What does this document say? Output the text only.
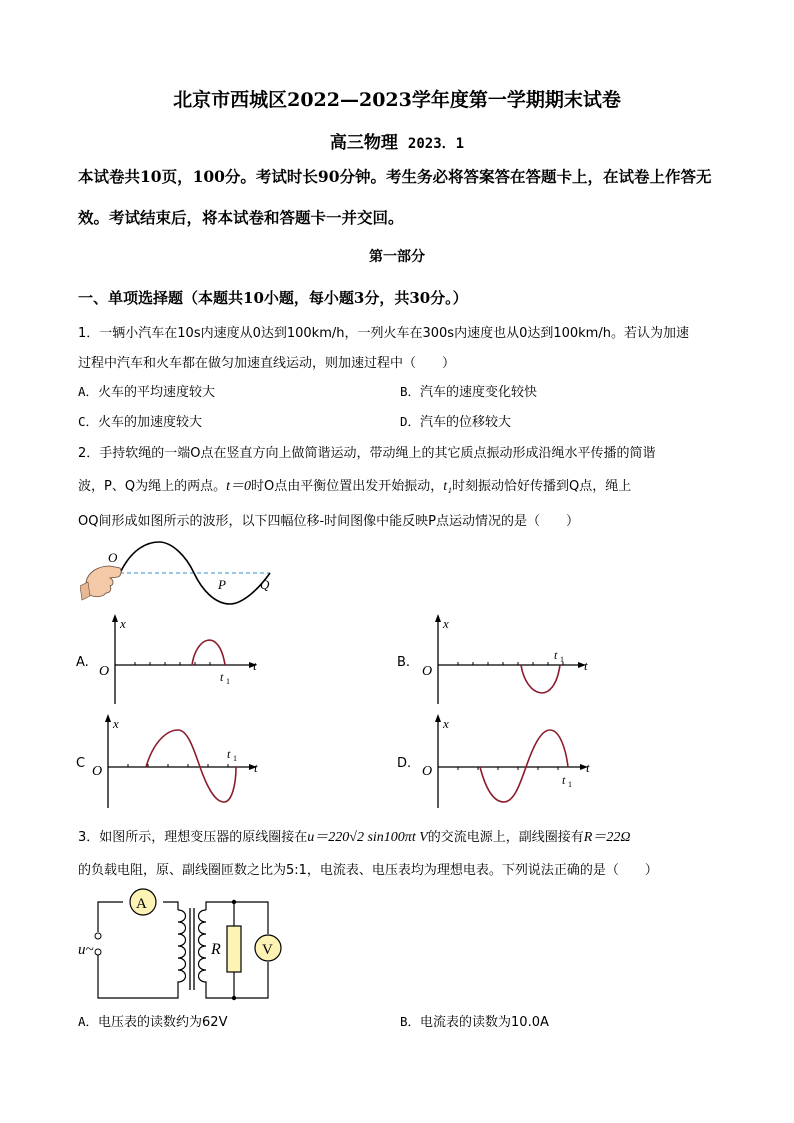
北京市西城区2022—2023学年度第一学期期末试卷
高三物理 2023．1
本试卷共10页，100分。考试时长90分钟。考生务必将答案答在答题卡上，在试卷上作答无
效。考试结束后，将本试卷和答题卡一并交回。
第一部分
一、单项选择题（本题共10小题，每小题3分，共30分。）
1．一辆小汽车在10s内速度从0达到100km/h，一列火车在300s内速度也从0达到100km/h。若认为加速
过程中汽车和火车都在做匀加速直线运动，则加速过程中（　　）
A．火车的平均速度较大	B．汽车的速度变化较快
C．火车的加速度较大	D．汽车的位移较大
2．手持软绳的一端O点在竖直方向上做简谐运动，带动绳上的其它质点振动形成沿绳水平传播的简谐
波，P、Q为绳上的两点。t＝0时O点由平衡位置出发开始振动，t₁时刻振动恰好传播到Q点，绳上
OQ间形成如图所示的波形，以下四幅位移-时间图像中能反映P点运动情况的是（　　）
O
P	Q
A.
x
O	t
t 1
B.
x
O	t
t 1
C
x
O	t
t 1	D.
x
O	t
t 1
3．如图所示，理想变压器的原线圈接在u＝220√2 sin100πt V的交流电源上，副线圈接有R＝22Ω
的负载电阻，原、副线圈匝数之比为5:1，电流表、电压表均为理想电表。下列说法正确的是（　　）
A
V
R
u~
A．电压表的读数约为62V	B．电流表的读数为10.0A
